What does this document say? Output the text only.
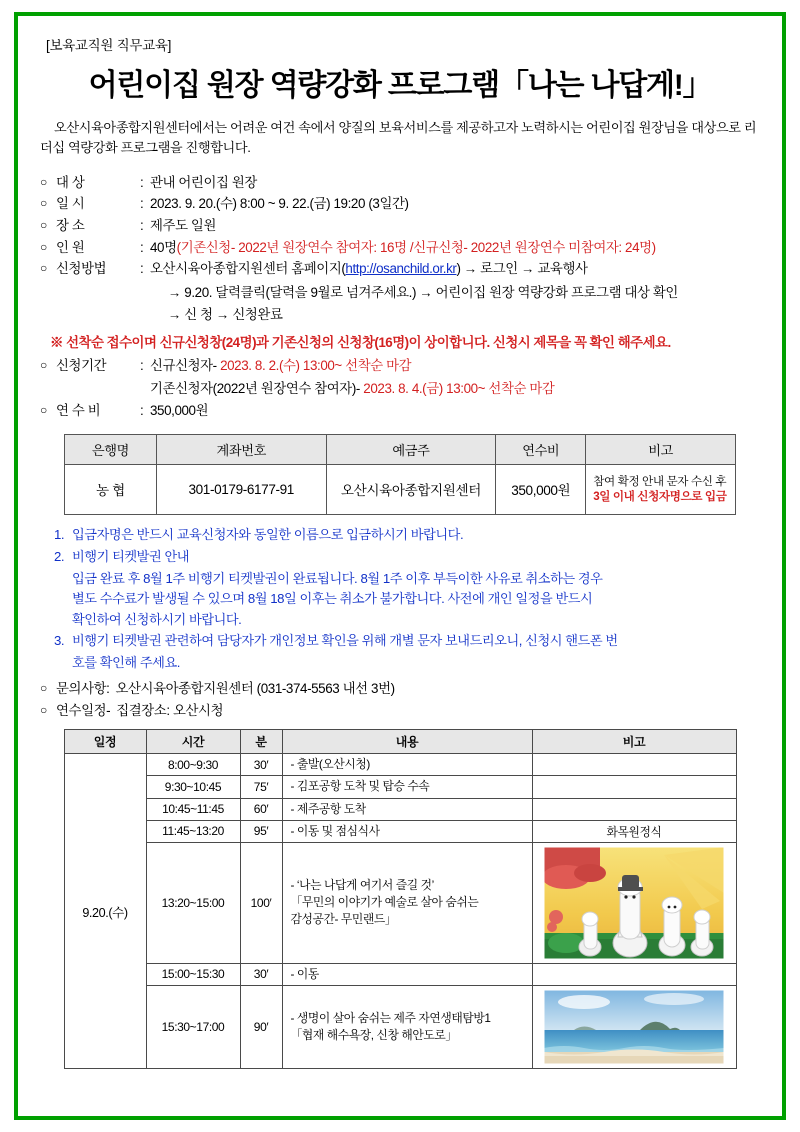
[보육교직원 직무교육]
어린이집 원장 역량강화 프로그램「나는 나답게!」

오산시육아종합지원센터에서는 어려운 여건 속에서 양질의 보육서비스를 제공하고자 노력하시는 어린이집 원장님을 대상으로 리더십 역량강화 프로그램을 진행합니다.

○ 대 상	: 관내 어린이집 원장
○ 일 시	: 2023. 9. 20.(수) 8:00 ~ 9. 22.(금) 19:20 (3일간)
○ 장 소	: 제주도 일원
○ 인 원	: 40명(기존신청- 2022년 원장연수 참여자: 16명 /신규신청- 2022년 원장연수 미참여자: 24명)
○ 신청방법	: 오산시육아종합지원센터 홈페이지(http://osanchild.or.kr) → 로그인 → 교육행사
→ 9.20. 달력클릭(달력을 9월로 넘겨주세요.) → 어린이집 원장 역량강화 프로그램 대상 확인
→ 신 청 → 신청완료
※ 선착순 접수이며 신규신청창(24명)과 기존신청의 신청창(16명)이 상이합니다. 신청시 제목을 꼭 확인 해주세요.
○ 신청기간	: 신규신청자- 2023. 8. 2.(수) 13:00~ 선착순 마감
기존신청자(2022년 원장연수 참여자)- 2023. 8. 4.(금) 13:00~ 선착순 마감
○ 연 수 비	: 350,000원
은행명	계좌번호	예금주	연수비	비고
농 협	301-0179-6177-91	오산시육아종합지원센터	350,000원	참여 확정 안내 문자 수신 후
3일 이내 신청자명으로 입금
1. 입금자명은 반드시 교육신청자와 동일한 이름으로 입금하시기 바랍니다.
2. 비행기 티켓발권 안내
입금 완료 후 8월 1주 비행기 티켓발권이 완료됩니다. 8월 1주 이후 부득이한 사유로 취소하는 경우
별도 수수료가 발생될 수 있으며 8월 18일 이후는 취소가 불가합니다. 사전에 개인 일정을 반드시
확인하여 신청하시기 바랍니다.
3. 비행기 티켓발권 관련하여 담당자가 개인정보 확인을 위해 개별 문자 보내드리오니, 신청시 핸드폰 번
호를 확인해 주세요.
○ 문의사항: 오산시육아종합지원센터 (031-374-5563 내선 3번)
○ 연수일정- 집결장소: 오산시청
일정	시간	분	내용	비고
9.20.(수)	8:00~9:30	30′	- 출발(오산시청)	
	9:30~10:45	75′	- 김포공항 도착 및 탑승 수속	
	10:45~11:45	60′	- 제주공항 도착	
	11:45~13:20	95′	- 이동 및 점심식사	화목원정식
	13:20~15:00	100′	- ‘나는 나답게 여기서 즐길 것’
「무민의 이야기가 예술로 살아 숨쉬는
감성공간- 무민랜드」

	15:00~15:30	30′	- 이동	
	15:30~17:00	90′	- 생명이 살아 숨쉬는 제주 자연생태탐방1
「협재 해수욕장, 신창 해안도로」
